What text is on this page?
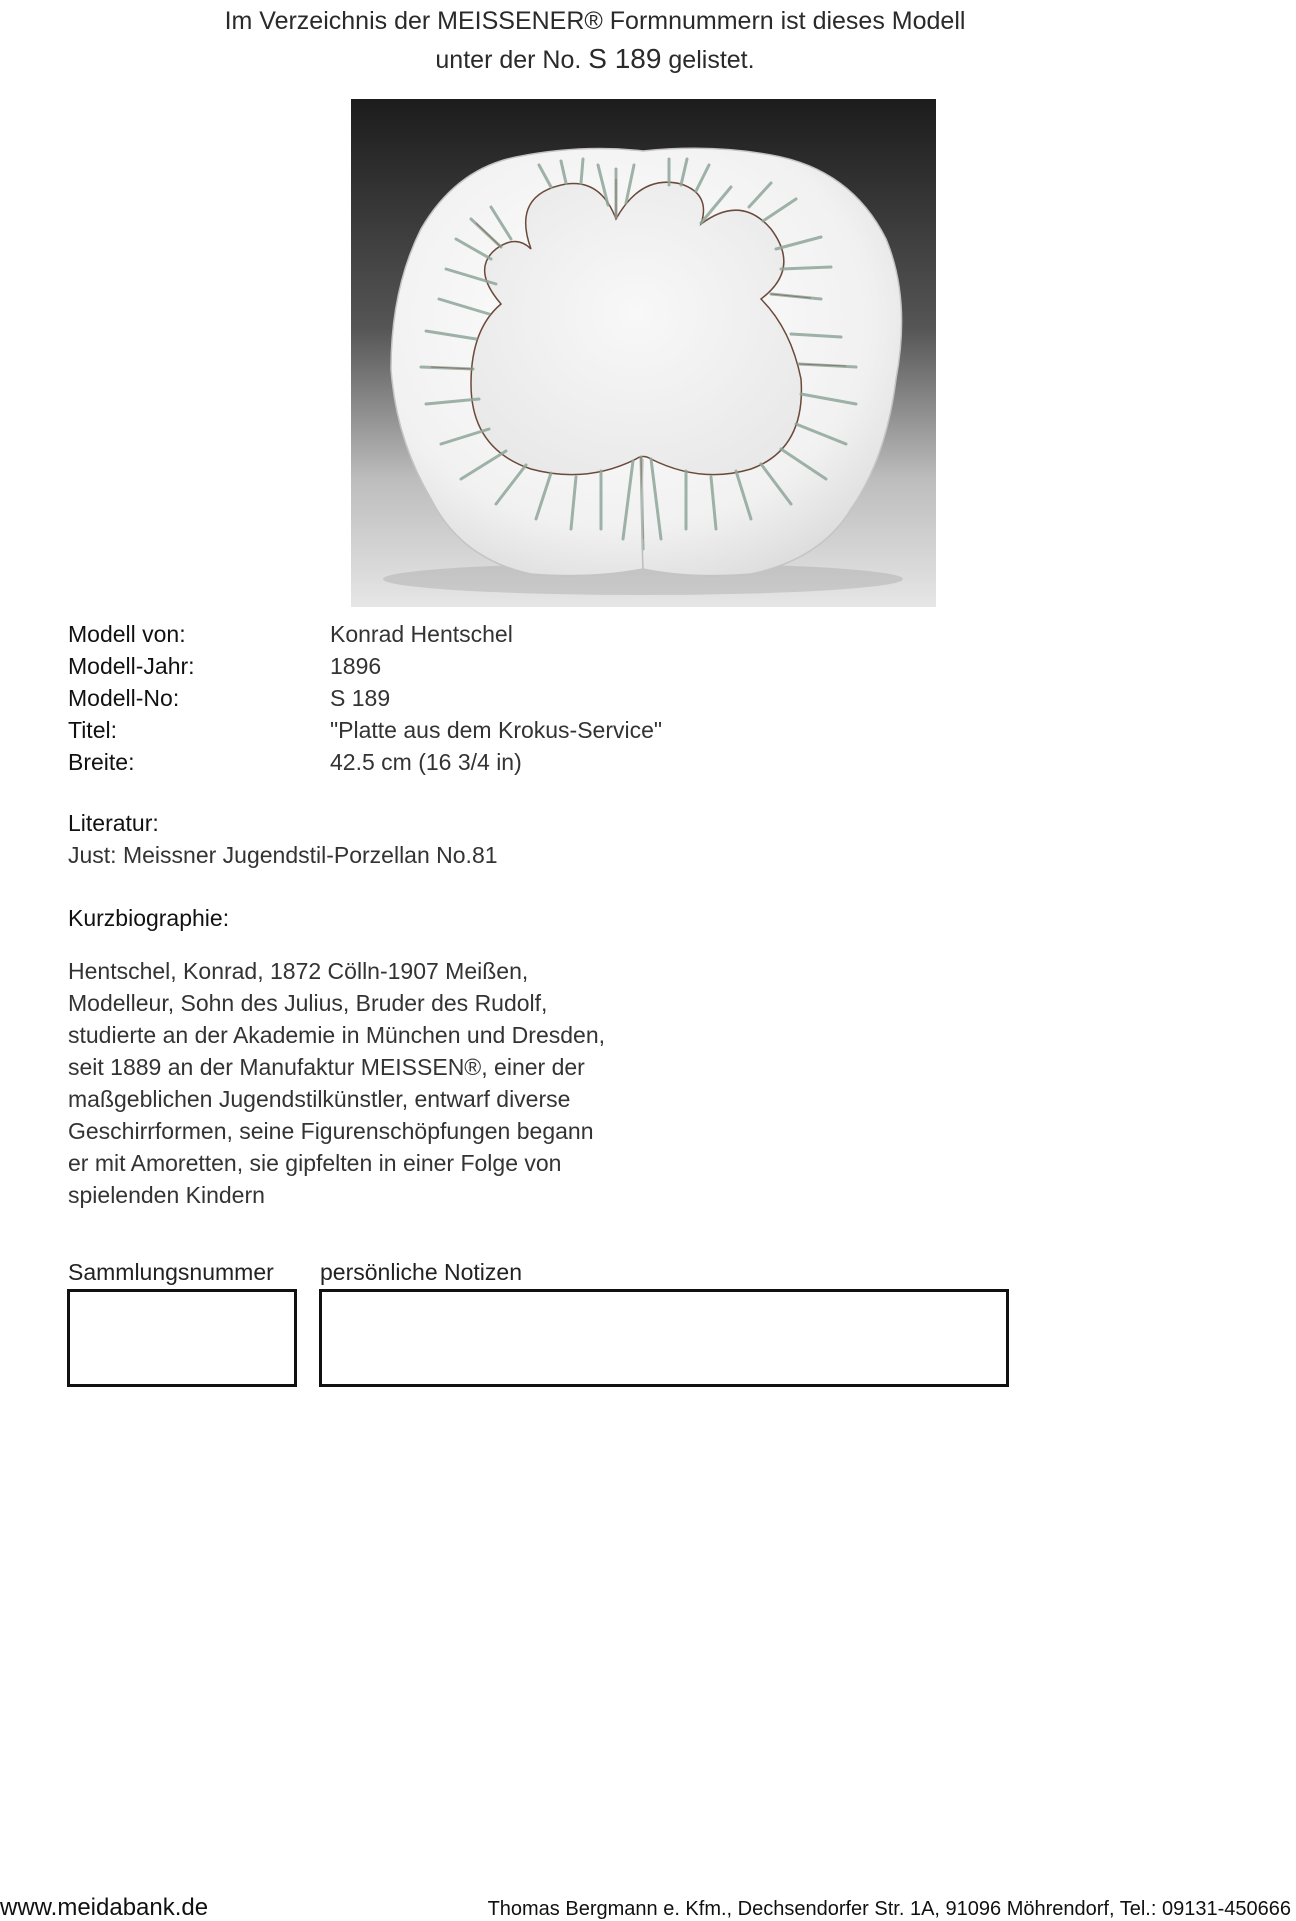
Im Verzeichnis der MEISSENER® Formnummern ist dieses Modell
unter der No. S 189 gelistet.
Modell von:	Konrad Hentschel
Modell-Jahr:	1896
Modell-No:	S 189
Titel:	"Platte aus dem Krokus-Service"
Breite:	42.5 cm (16 3/4 in)
Literatur:
Just: Meissner Jugendstil-Porzellan No.81
Kurzbiographie:
Hentschel, Konrad, 1872 Cölln-1907 Meißen,
Modelleur, Sohn des Julius, Bruder des Rudolf,
studierte an der Akademie in München und Dresden,
seit 1889 an der Manufaktur MEISSEN®, einer der
maßgeblichen Jugendstilkünstler, entwarf diverse
Geschirrformen, seine Figurenschöpfungen begann
er mit Amoretten, sie gipfelten in einer Folge von
spielenden Kindern
Sammlungsnummer persönliche Notizen
www.meidabank.de	Thomas Bergmann e. Kfm., Dechsendorfer Str. 1A, 91096 Möhrendorf, Tel.: 09131-450666
